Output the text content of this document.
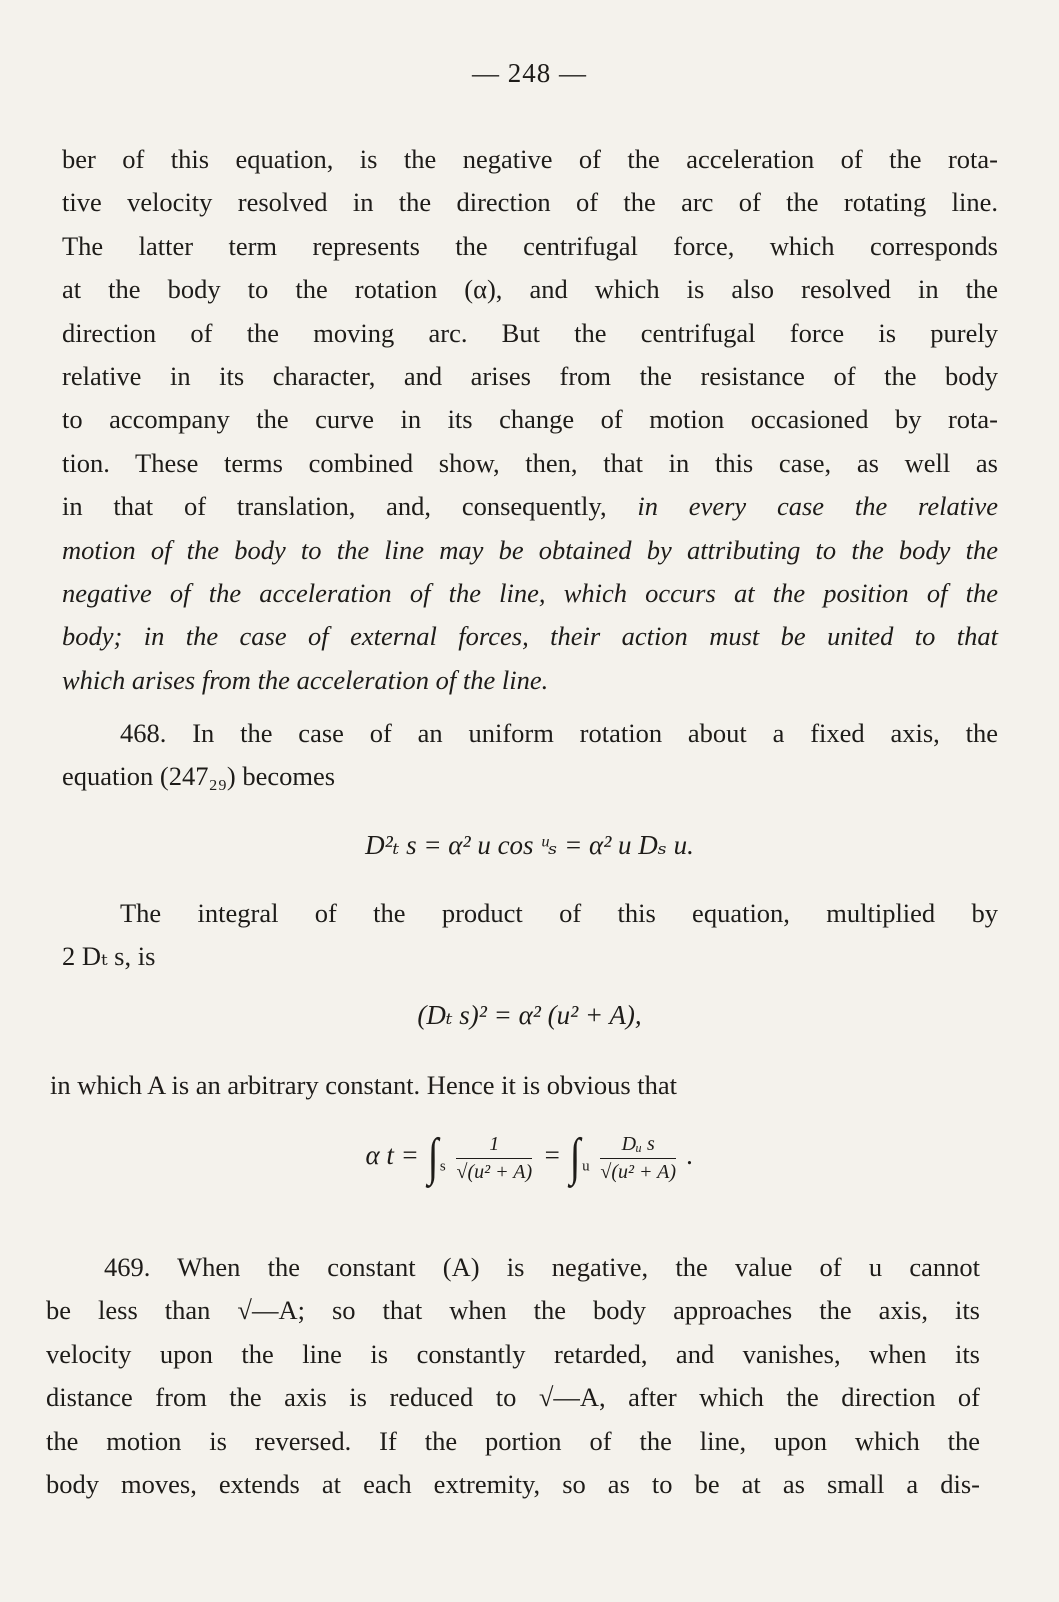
— 248 —
ber of this equation, is the negative of the acceleration of the rota-
tive velocity resolved in the direction of the arc of the rotating line.
The latter term represents the centrifugal force, which corresponds
at the body to the rotation (α), and which is also resolved in the
direction of the moving arc. But the centrifugal force is purely
relative in its character, and arises from the resistance of the body
to accompany the curve in its change of motion occasioned by rota-
tion. These terms combined show, then, that in this case, as well as
in that of translation, and, consequently, in every case the relative
motion of the body to the line may be obtained by attributing to the body the
negative of the acceleration of the line, which occurs at the position of the
body; in the case of external forces, their action must be united to that
which arises from the acceleration of the line.
468. In the case of an uniform rotation about a fixed axis, the
equation (247₂₉) becomes
D²ₜ s = α² u cos ᵘₛ = α² u Dₛ u.
The integral of the product of this equation, multiplied by
2 Dₜ s, is
(Dₜ s)² = α² (u² + A),
in which A is an arbitrary constant. Hence it is obvious that
α t = ∫ $_s \frac{1}{\text{√(u² + A)}}$ = ∫ $_u \frac{\text{Dᵤ s}}{\text{√(u² + A)}}$ .
469. When the constant (A) is negative, the value of u cannot
be less than √—A; so that when the body approaches the axis, its
velocity upon the line is constantly retarded, and vanishes, when its
distance from the axis is reduced to √—A, after which the direction of
the motion is reversed. If the portion of the line, upon which the
body moves, extends at each extremity, so as to be at as small a dis-
